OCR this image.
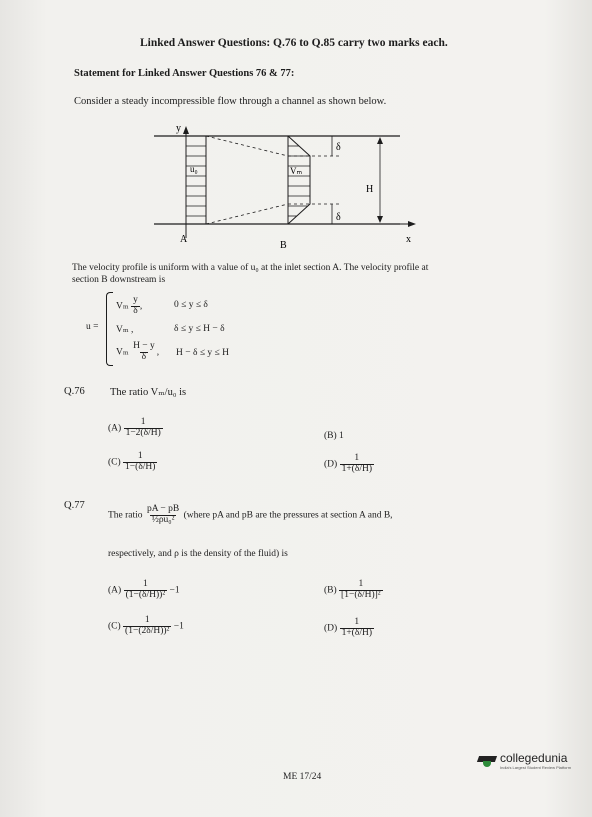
Linked Answer Questions: Q.76 to Q.85 carry two marks each.
Statement for Linked Answer Questions 76 & 77:
Consider a steady incompressible flow through a channel as shown below.
y
x
u₀	Vₘ
δ
δ
H
A
B
The velocity profile is uniform with a value of u₀ at the inlet section A. The velocity profile at
section B downstream is
u =
Vₘ $\frac{y}{\delta}$ ,	0 ≤ y ≤ δ
Vₘ ,	δ ≤ y ≤ H − δ
Vₘ $\frac{H - y}{\delta}$ , H − δ ≤ y ≤ H
Q.76 The ratio Vₘ/u₀ is
$(A) \frac{1}{1-2(\delta/H)}$	(B) 1
$(C) \frac{1}{1-(\delta/H)}$	$(D) \frac{1}{1+(\delta/H)}$
Q.77
The ratio $\frac{pA - pB}{\text{½ρu₀²}}$ (where pA and pB are the pressures at section A and B,
respectively, and ρ is the density of the fluid) is
$(A) \frac{1}{\text{(1−(δ/H))²}} -1$	$(B) \frac{1}{\text{[1−(δ/H)]²}}$
$(C) \frac{1}{\text{(1−(2δ/H))²}} -1$	$(D) \frac{1}{1+(\delta/H)}$
ME 17/24
collegedunia
India's Largest Student Review Platform
